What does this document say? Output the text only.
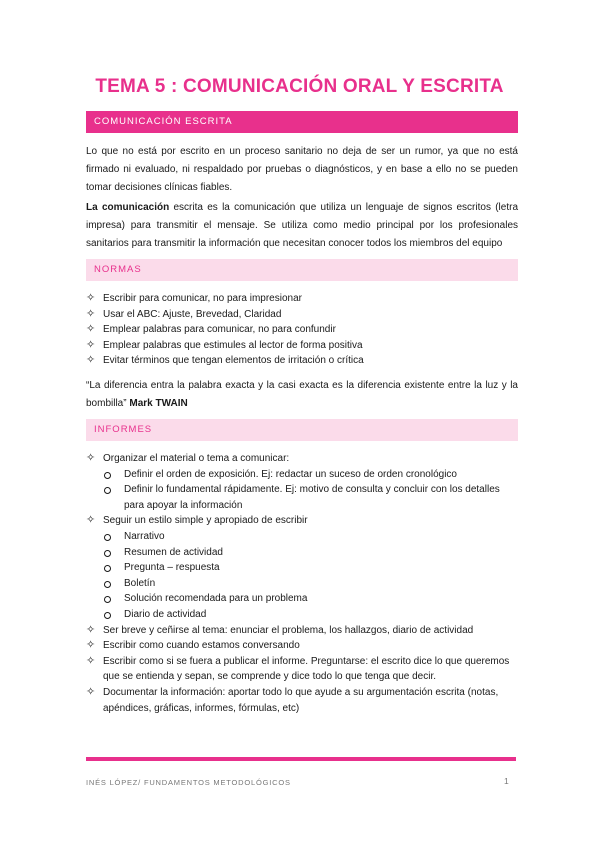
TEMA 5 : COMUNICACIÓN ORAL Y ESCRITA
COMUNICACIÓN ESCRITA

Lo que no está por escrito en un proceso sanitario no deja de ser un rumor, ya que no está firmado ni evaluado, ni respaldado por pruebas o diagnósticos, y en base a ello no se pueden tomar decisiones clínicas fiables.

La comunicación escrita es la comunicación que utiliza un lenguaje de signos escritos (letra impresa) para transmitir el mensaje. Se utiliza como medio principal por los profesionales sanitarios para transmitir la información que necesitan conocer todos los miembros del equipo

NORMAS
✧ Escribir para comunicar, no para impresionar
✧ Usar el ABC: Ajuste, Brevedad, Claridad
✧ Emplear palabras para comunicar, no para confundir
✧ Emplear palabras que estimules al lector de forma positiva
✧ Evitar términos que tengan elementos de irritación o crítica

“La diferencia entra la palabra exacta y la casi exacta es la diferencia existente entre la luz y la bombilla” Mark TWAIN

INFORMES
✧ Organizar el material o tema a comunicar:
Definir el orden de exposición. Ej: redactar un suceso de orden cronológico
Definir lo fundamental rápidamente. Ej: motivo de consulta y concluir con los detalles para apoyar la información
✧ Seguir un estilo simple y apropiado de escribir
Narrativo
Resumen de actividad
Pregunta – respuesta
Boletín
Solución recomendada para un problema
Diario de actividad
✧ Ser breve y ceñirse al tema: enunciar el problema, los hallazgos, diario de actividad
✧ Escribir como cuando estamos conversando
✧ Escribir como si se fuera a publicar el informe. Preguntarse: el escrito dice lo que queremos que se entienda y sepan, se comprende y dice todo lo que tenga que decir.
✧ Documentar la información: aportar todo lo que ayude a su argumentación escrita (notas, apéndices, gráficas, informes, fórmulas, etc)
INÉS LÓPEZ/ FUNDAMENTOS METODOLÓGICOS	1
